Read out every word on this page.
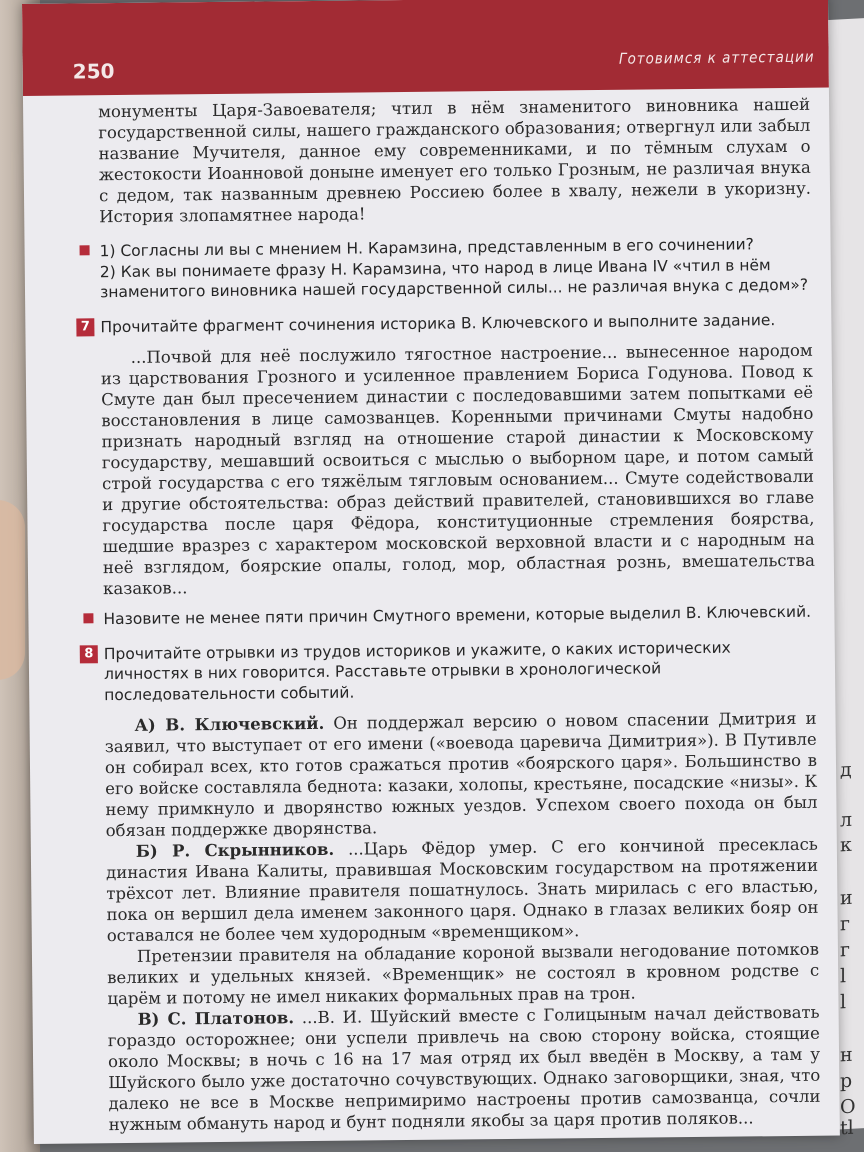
д
л
к
и
г
г
l
l
н
р
О
tl
250
Готовимся к аттестации

монументы Царя-Завоевателя; чтил в нём знаменитого виновника нашей государственной силы, нашего гражданского образования; отвергнул или забыл название Мучителя, данное ему современниками, и по тёмным слухам о жестокости Иоанновой доныне именует его только Грозным, не различая внука с дедом, так названным древнею Россиею более в хвалу, нежели в укоризну. История злопамятнее народа!

1) Согласны ли вы с мнением Н. Карамзина, представленным в его сочинении?

2) Как вы понимаете фразу Н. Карамзина, что народ в лице Ивана IV «чтил в нём знаменитого виновника нашей государственной силы... не различая внука с дедом»?

7 Прочитайте фрагмент сочинения историка В. Ключевского и выполните задание.

...Почвой для неё послужило тягостное настроение... вынесенное народом из царствования Грозного и усиленное правлением Бориса Годунова. Повод к Смуте дан был пресечением династии с последовавшими затем попытками её восстановления в лице самозванцев. Коренными причинами Смуты надобно признать народный взгляд на отношение старой династии к Московскому государству, мешавший освоиться с мыслью о выборном царе, и потом самый строй государства с его тяжёлым тягловым основанием... Смуте содействовали и другие обстоятельства: образ действий правителей, становившихся во главе государства после царя Фёдора, конституционные стремления боярства, шедшие вразрез с характером московской верховной власти и с народным на неё взглядом, боярские опалы, голод, мор, областная рознь, вмешательства казаков...

Назовите не менее пяти причин Смутного времени, которые выделил В. Ключевский.

8 Прочитайте отрывки из трудов историков и укажите, о каких исторических личностях в них говорится. Расставьте отрывки в хронологической последовательности событий.

А) В. Ключевский. Он поддержал версию о новом спасении Дмитрия и заявил, что выступает от его имени («воевода царевича Димитрия»). В Путивле он собирал всех, кто готов сражаться против «боярского царя». Большинство в его войске составляла беднота: казаки, холопы, крестьяне, посадские «низы». К нему примкнуло и дворянство южных уездов. Успехом своего похода он был обязан поддержке дворянства.

Б) Р. Скрынников. ...Царь Фёдор умер. С его кончиной пресеклась династия Ивана Калиты, правившая Московским государством на протяжении трёхсот лет. Влияние правителя пошатнулось. Знать мирилась с его властью, пока он вершил дела именем законного царя. Однако в глазах великих бояр он оставался не более чем худородным «временщиком».

Претензии правителя на обладание короной вызвали негодование потомков великих и удельных князей. «Временщик» не состоял в кровном родстве с царём и потому не имел никаких формальных прав на трон.

В) С. Платонов. ...В. И. Шуйский вместе с Голицыным начал действовать гораздо осторожнее; они успели привлечь на свою сторону войска, стоящие около Москвы; в ночь с 16 на 17 мая отряд их был введён в Москву, а там у Шуйского было уже достаточно сочувствующих. Однако заговорщики, зная, что далеко не все в Москве непримиримо настроены против самозванца, сочли нужным обмануть народ и бунт подняли якобы за царя против поляков...
